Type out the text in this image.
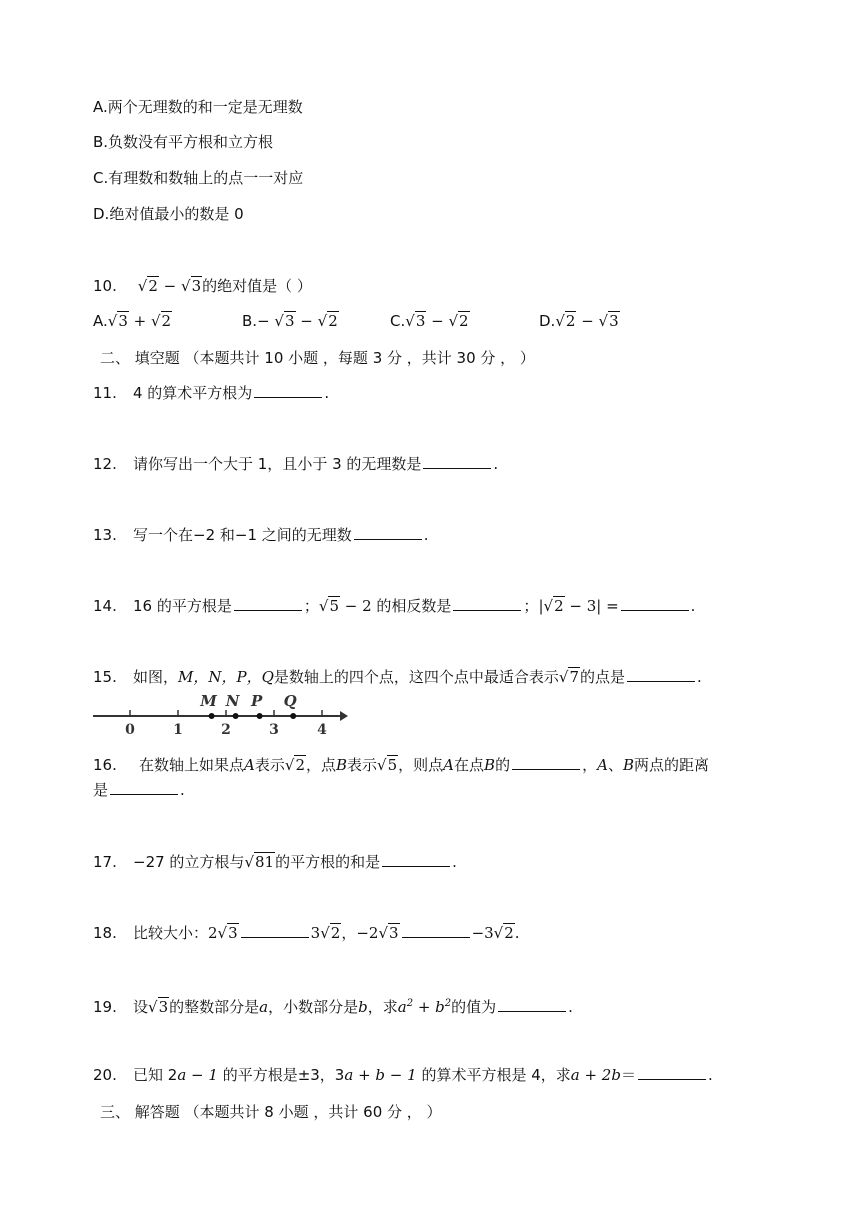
A.两个无理数的和一定是无理数
B.负数没有平方根和立方根
C.有理数和数轴上的点一一对应
D.绝对值最小的数是 0
10. √2 − √3的绝对值是（ ）
A.√3 + √2	B.− √3 − √2	C.√3 − √2	D.√2 − √3
二、 填空题 （本题共计 10 小题 ，每题 3 分 ，共计 30 分 ， ）
11. 4 的算术平方根为	.
12. 请你写出一个大于 1，且小于 3 的无理数是	.
13. 写一个在−2 和−1 之间的无理数	.
14. 16 的平方根是	；√5 − 2 的相反数是	；|√2 − 3| =	.
15. 如图，M，N，P，Q是数轴上的四个点，这四个点中最适合表示√7的点是	.
0	1	2	3	4
M N P Q
16. 在数轴上如果点A表示√2，点B表示√5，则点A在点B的	，A、B两点的距离
是	.
17. −27 的立方根与√81的平方根的和是	.
18. 比较大小：2√3	3√2，−2√3	−3√2.
19. 设√3的整数部分是a，小数部分是b，求$a^2 + b^2$的值为	.
20. 已知 2a − 1 的平方根是±3，3a + b − 1 的算术平方根是 4，求a + 2b＝	.
三、 解答题 （本题共计 8 小题 ，共计 60 分 ， ）
